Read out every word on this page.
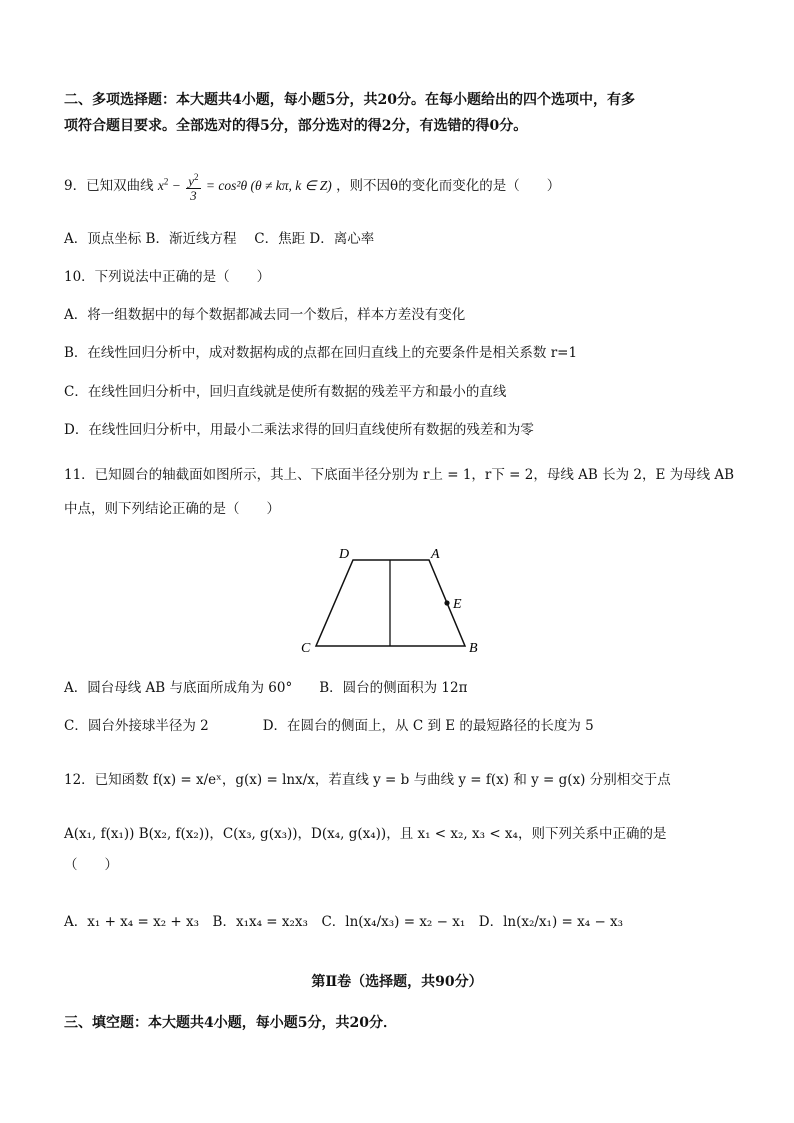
二、多项选择题：本大题共4小题，每小题5分，共20分。在每小题给出的四个选项中，有多
项符合题目要求。全部选对的得5分，部分选对的得2分，有选错的得0分。
9．已知双曲线 $x^2 - \frac{y^2}{3} = \cos^2\theta$ (θ ≠ kπ, k ∈ Z) ，则不因θ的变化而变化的是（　　）
A．顶点坐标 B．渐近线方程　 C．焦距 D．离心率
10．下列说法中正确的是（　　）
A．将一组数据中的每个数据都减去同一个数后，样本方差没有变化
B．在线性回归分析中，成对数据构成的点都在回归直线上的充要条件是相关系数 r=1
C．在线性回归分析中，回归直线就是使所有数据的残差平方和最小的直线
D．在线性回归分析中，用最小二乘法求得的回归直线使所有数据的残差和为零
11．已知圆台的轴截面如图所示，其上、下底面半径分别为 r上 = 1，r下 = 2，母线 AB 长为 2，E 为母线 AB
中点，则下列结论正确的是（　　）
D	A
E
C	B
A．圆台母线 AB 与底面所成角为 60°　　B．圆台的侧面积为 12π
C．圆台外接球半径为 2　　　　D．在圆台的侧面上，从 C 到 E 的最短路径的长度为 5
12．已知函数 f(x) = x/eˣ，g(x) = lnx/x，若直线 y = b 与曲线 y = f(x) 和 y = g(x) 分别相交于点
A(x₁, f(x₁)) B(x₂, f(x₂))，C(x₃, g(x₃))，D(x₄, g(x₄))，且 x₁ < x₂, x₃ < x₄，则下列关系中正确的是
（　　）
A．x₁ + x₄ = x₂ + x₃　B．x₁x₄ = x₂x₃　C．ln(x₄/x₃) = x₂ − x₁　D．ln(x₂/x₁) = x₄ − x₃
第Ⅱ卷（选择题，共90分）
三、填空题：本大题共4小题，每小题5分，共20分．
